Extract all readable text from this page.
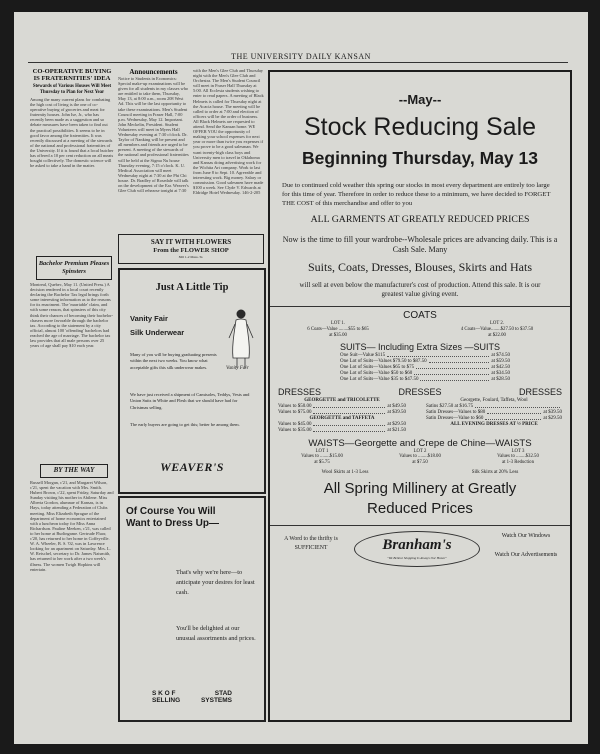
THE UNIVERSITY DAILY KANSAN
CO-OPERATIVE BUYING IS FRATERNITIES' IDEA
Stewards of Various Houses Will Meet Thursday to Plan for Next Year

Among the many current plans for combating the high cost of living is the one of co-operative buying of groceries and meat for fraternity houses. John Ise, Jr., who has recently been made as a suggestion and so debate measures have been taken to find out the practical possibilities. It seems to be in good favor among the fraternities. It was recently discussed at a meeting of the stewards of the national and professional fraternities of the University. If it is found that a local butcher has offered a 10 per cent reduction on all meats bought collectively. The domestic science will be asked to take a hand in the matter.

Bachelor Premium Pleases Spinsters

Montreal, Quebec, May 11. (United Press.) A decision rendered in a local court recently declaring the Bachelor Tax legal brings forth some interesting information as to the reasons for its enactment. The 'marriable' claim, and with some reason, that spinsters of this city think their chances of becoming their bachelor-chasers more favorable through the bachelor tax. According to the statement by a city official, almost 100 'offending' bachelors had reached the age of marriage. The bachelor tax law provides that all male persons over 25 years of age shall pay $10 each year.

BY THE WAY

Russell Morgan, c'21, and Margaret Wilson, c'21, spent the vacation with Mrs. Smith. Hubert Brown, c'22, spent Friday, Saturday and Sunday visiting his mother in Abilene. Miss Alberta Gordon, alumnae of Kansas, is in Hays, today attending a Federation of Clubs meeting. Miss Elizabeth Sprague of the department of home economics entertained with a luncheon today for Miss Anna Richardson. Pauline Meeken, c'21, was called to her home at Burlingame. Gertrude Fluor, c'20, has returned to her home in Coffeyville. W. A. Wheeler, B. S. '02, was in Lawrence looking for an apartment on Saturday. Mrs. L. W. Reischel, secretary to Dr. James Naismith, has returned to her work after a two week's illness. The women Twigh Hopkins will entertain.

Announcements

Notice to Students in Economics: Special make-up examinations will be given for all students in my classes who are entitled to take them, Thursday, May 13, at 8:00 a.m., room 208 West Ad. This will be the last opportunity to take these examinations. Men's Student Council meeting in Fraser Hall, 7:00 p.m. Wednesday, May 12. Important. John Meckelin, President. Student Volunteers will meet in Myers Hall Wednesday evening at 7:30 o'clock. Dr. Taylor of Nanking will be present and all members and friends are urged to be present. A meeting of the stewards of the national and professional fraternities will be held at the Sigma Nu house Thursday evening, 7:15 o'clock. K. U. Medical Association will meet Wednesday night at 7:30 at the Phi Chi house. Dr. Bradley of Rosedale will talk on the development of the Ear. Weaver's Glee Club will rehearse tonight at 7:30 with the Men's Glee Club and Thursday night with the Men's Glee Club and Orchestra. The Men's Student Council will meet in Fraser Hall Thursday at 5:00. All Ecclesia students wishing to enter to read papers. A meeting of Black Helmets is called for Thursday night at the Acacia house. The meeting will be called to order at 7:00 and election of officers will be the order of business. All Black Helmets are requested to attend. Send the Kansan home. WE OFFER YOU the opportunity of making your school expenses for next year or more than twice you expenses if you prove to be a good salesman. We want twenty-high class boys and University men to travel in Oklahoma and Kansas doing advertising work for the Wichita Art company. Work to last from June 8 to Sept. 10. Agreeable and interesting work. Big money. Salary or commission. Good salesmen have made $100 a week. See Clyde V. Edwards at Eldridge Hotel Wednesday. 146-2-205

SAY IT WITH FLOWERS
From the FLOWER SHOP
826 1-2 Mass. St.
Just A Little Tip
Vanity Fair
Silk Underwear
Vanity Fair
Many of you will be buying graduating presents within the next two weeks. You know what acceptable gifts this silk underwear makes.
We have just received a shipment of Camisoles, Teddys, Vests and Union Suits in White and Flesh that we should have had for Christmas selling.
The early buyers are going to get this; better be among them.
WEAVER'S
Of Course You Will Want to Dress Up—
That's why we're here—to anticipate your desires for least cash.
You'll be delighted at our unusual assortments and prices.
S K O F	STAD
SELLING	SYSTEMS
--May--
Stock Reducing Sale
Beginning Thursday, May 13
Due to continued cold weather this spring our stocks in most every department are entirely too large for this time of year. Therefore in order to reduce these to a minimum, we have decided to FORGET THE COST of this merchandise and offer to you
ALL GARMENTS AT GREATLY REDUCED PRICES
Now is the time to fill your wardrobe--Wholesale prices are advancing daily. This is a Cash Sale. Many
Suits, Coats, Dresses, Blouses, Skirts and Hats
will sell at even below the manufacturer's cost of production. Attend this sale. It is our greatest value giving event.
COATS
LOT 1.
6 Coats—Value ........$55 to $65
at $35.00
LOT 2.
4 Coats—Value........$27.50 to $37.50
at $22.00
SUITS— Including Extra Sizes —SUITS
One Suit—Value $115	at $74.50
One Lot of Suits—Values $79.50 to $87.50	at $59.50
One Lot of Suits—Values $65 to $75	at $42.50
One Lot of Suits—Value $50 to $60	at $34.50
One Lot of Suits—Value $35 to $47.50	at $28.50
DRESSES	DRESSES	DRESSES
GEORGETTE and TRICOLETTE
Values to $50.00	at $49.50
Values to $75.00	at $39.50
GEORGETTE and TAFFETA
Values to $45.00	at $29.50
Values to $35.00	at $21.50
Georgette, Foulard, Taffeta, Wool
Satins $27.50 at $16.75
Satin Dresses—Values to $80	at $39.50
Satin Dresses—Value to $60	at $29.50
ALL EVENING DRESSES AT ½ PRICE
WAISTS—Georgette and Crepe de Chine—WAISTS
LOT 1
Values to ........$15.00
at $5.75
LOT 2
Values to ........$18.00
at $7.50
LOT 3
Values to ........$32.50
at 1-3 Reduction
Wool Skirts at 1-3 Less	Silk Skirts at 20% Less
All Spring Millinery at Greatly Reduced Prices
A Word to the thrifty is SUFFICIENT	Branham's
"We Believe Shopping Is Always Our Honor"
Watch Our Windows
Watch Our Advertisements
